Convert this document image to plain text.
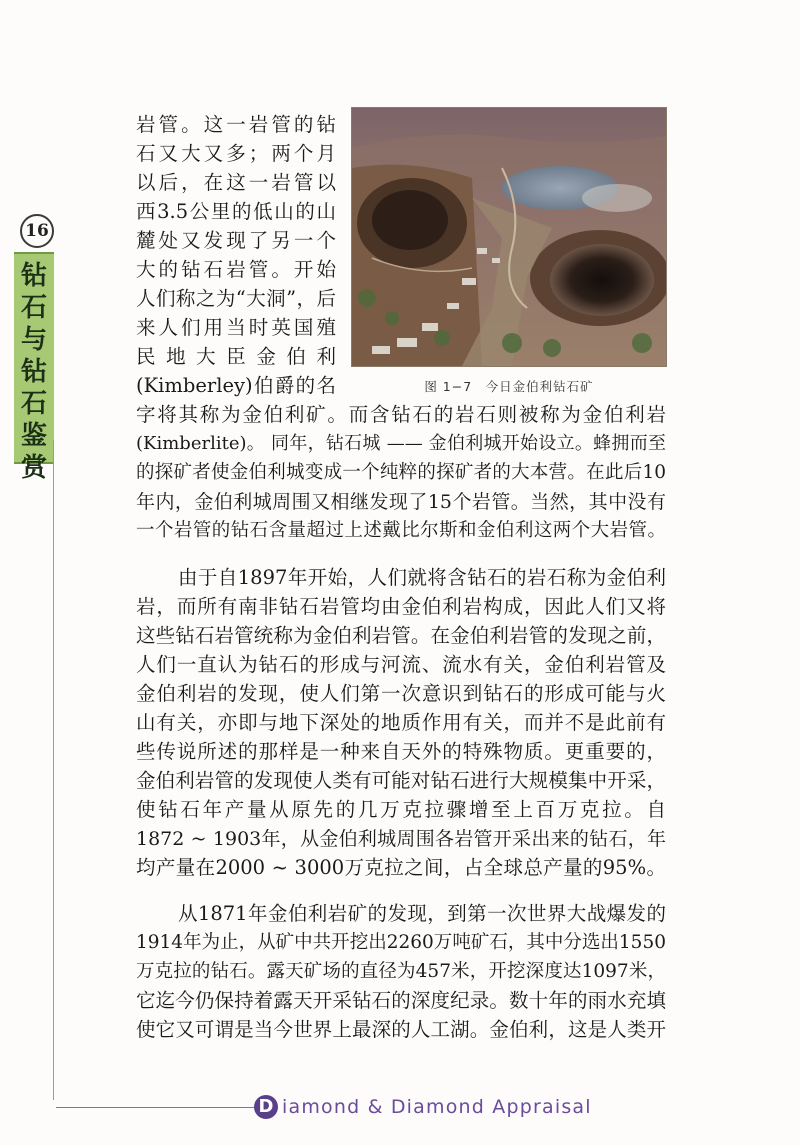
16
钻
石
与
钻
石
鉴
赏
图 1−7　今日金伯利钻石矿
岩管。这一岩管的钻
石又大又多；两个月
以后，在这一岩管以
西3.5公里的低山的山
麓处又发现了另一个
大的钻石岩管。开始
人们称之为“大洞”，后
来人们用当时英国殖
民地大臣金伯利
(Kimberley)伯爵的名
字将其称为金伯利矿。而含钻石的岩石则被称为金伯利岩
(Kimberlite)。 同年，钻石城 —— 金伯利城开始设立。蜂拥而至
的探矿者使金伯利城变成一个纯粹的探矿者的大本营。在此后10
年内，金伯利城周围又相继发现了15个岩管。当然，其中没有
一个岩管的钻石含量超过上述戴比尔斯和金伯利这两个大岩管。
由于自1897年开始，人们就将含钻石的岩石称为金伯利
岩，而所有南非钻石岩管均由金伯利岩构成，因此人们又将
这些钻石岩管统称为金伯利岩管。在金伯利岩管的发现之前，
人们一直认为钻石的形成与河流、流水有关，金伯利岩管及
金伯利岩的发现，使人们第一次意识到钻石的形成可能与火
山有关，亦即与地下深处的地质作用有关，而并不是此前有
些传说所述的那样是一种来自天外的特殊物质。更重要的，
金伯利岩管的发现使人类有可能对钻石进行大规模集中开采，
使钻石年产量从原先的几万克拉骤增至上百万克拉。自
1872 ~ 1903年，从金伯利城周围各岩管开采出来的钻石，年
均产量在2000 ~ 3000万克拉之间，占全球总产量的95%。
从1871年金伯利岩矿的发现，到第一次世界大战爆发的
1914年为止，从矿中共开挖出2260万吨矿石，其中分选出1550
万克拉的钻石。露天矿场的直径为457米，开挖深度达1097米，
它迄今仍保持着露天开采钻石的深度纪录。数十年的雨水充填
使它又可谓是当今世界上最深的人工湖。金伯利，这是人类开
D iamond & Diamond Appraisal
